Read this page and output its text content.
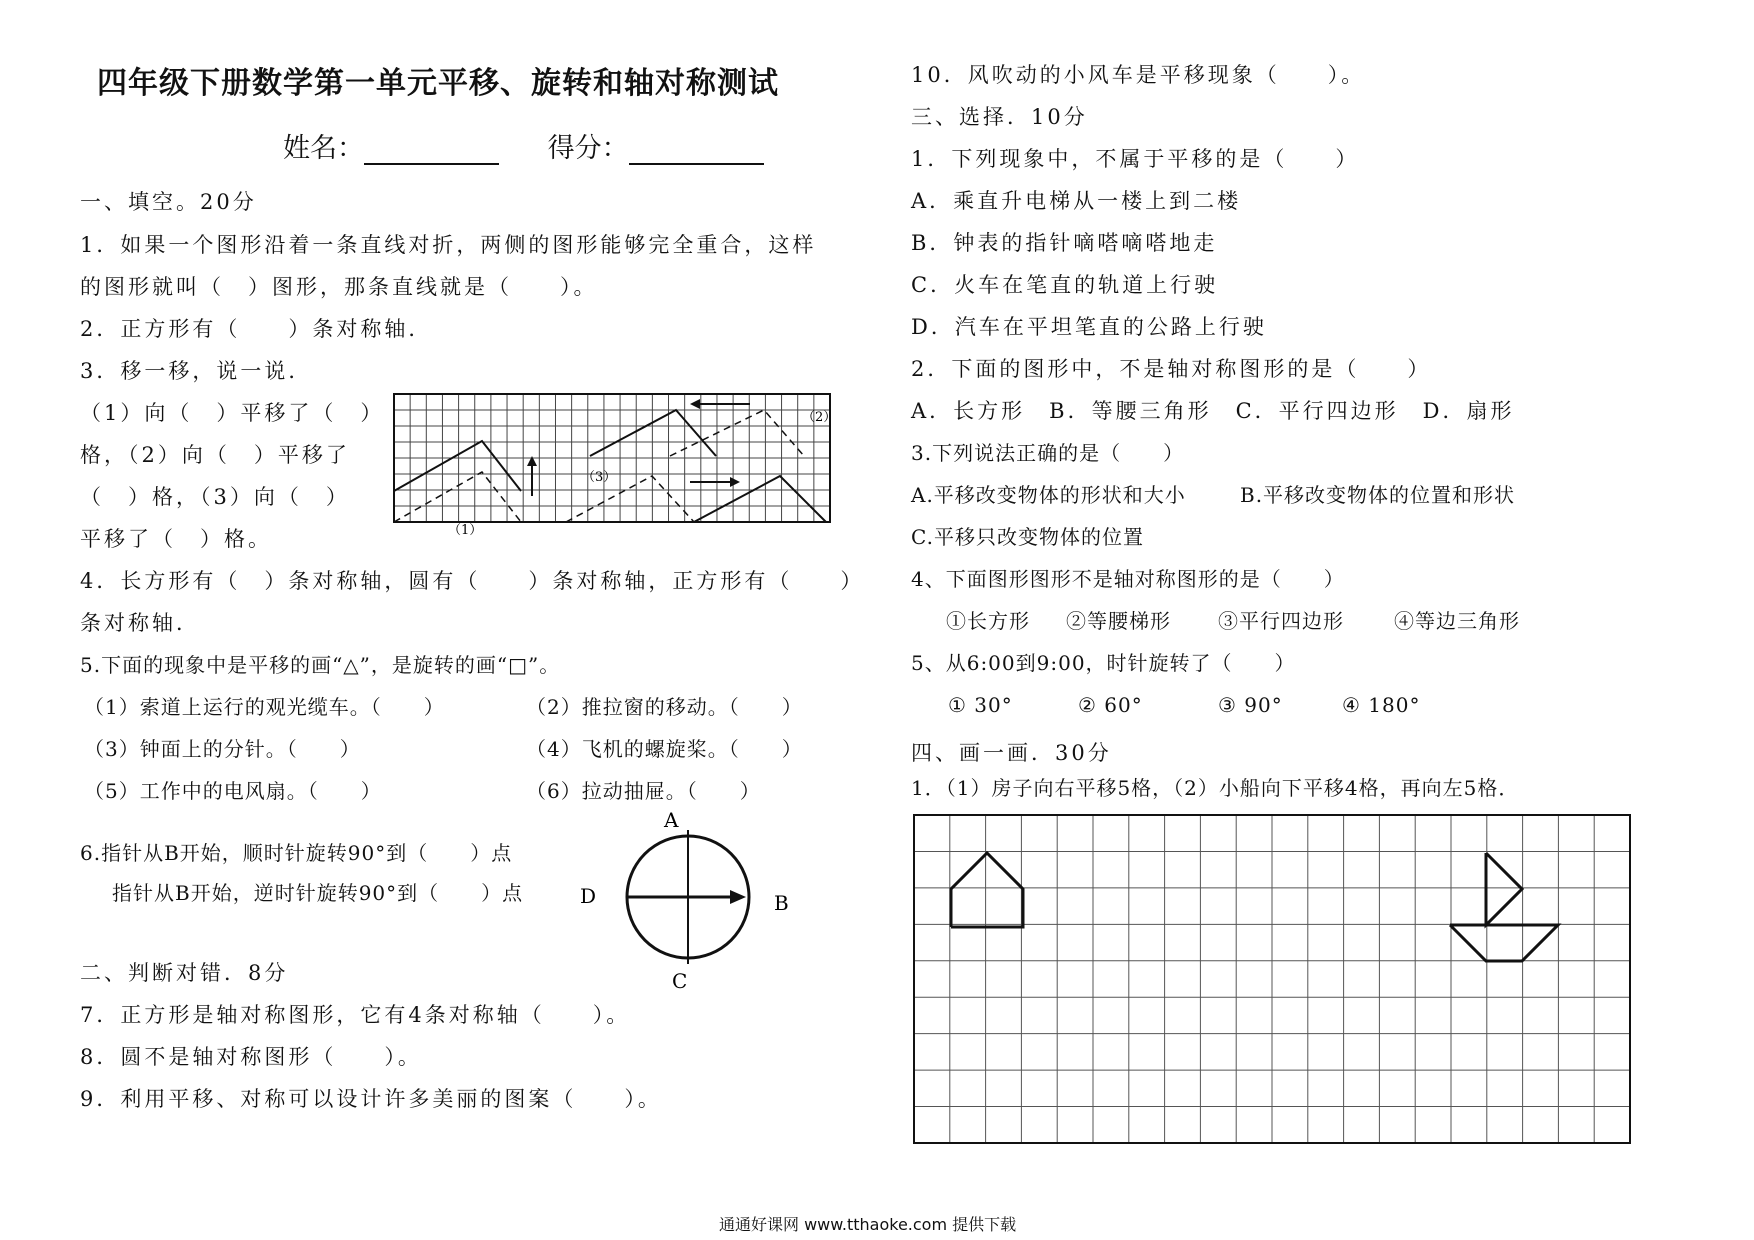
四年级下册数学第一单元平移、旋转和轴对称测试
姓名：	得分：
一、填空。20分
1．如果一个图形沿着一条直线对折，两侧的图形能够完全重合，这样
的图形就叫（　）图形，那条直线就是（　　）。
2．正方形有（　　）条对称轴．
3．移一移，说一说．
（1）向（　）平移了（　）
格，（2）向（　）平移了
（　）格，（3）向（　）
平移了（　）格。	（1）
（2）
（3）
4．长方形有（　）条对称轴，圆有（　　）条对称轴，正方形有（　　）
条对称轴．
5.下面的现象中是平移的画“△”，是旋转的画“□”。
（1）索道上运行的观光缆车。（　　）	（2）推拉窗的移动。（　　）
（3）钟面上的分针。（　　）	（4）飞机的螺旋桨。（　　）
（5）工作中的电风扇。（　　）	（6）拉动抽屉。（　　）
6.指针从B开始，顺时针旋转90°到（　　）点
指针从B开始，逆时针旋转90°到（　　）点
A
B
C
D
二、判断对错．8分
7．正方形是轴对称图形，它有4条对称轴（　　）。
8．圆不是轴对称图形（　　）。
9．利用平移、对称可以设计许多美丽的图案（　　）。
10．风吹动的小风车是平移现象（　　）。
三、选择．10分
1．下列现象中，不属于平移的是（　　）
A．乘直升电梯从一楼上到二楼
B．钟表的指针嘀嗒嘀嗒地走
C．火车在笔直的轨道上行驶
D．汽车在平坦笔直的公路上行驶
2．下面的图形中，不是轴对称图形的是（　　）
A．长方形　B．等腰三角形　C．平行四边形　D．扇形
3.下列说法正确的是（　　）
A.平移改变物体的形状和大小	B.平移改变物体的位置和形状
C.平移只改变物体的位置
4、下面图形图形不是轴对称图形的是（　　）
①长方形 ②等腰梯形 ③平行四边形	④等边三角形
5、从6:00到9:00，时针旋转了（　　）
① 30°	② 60°	③ 90°	④ 180°
四、画一画．30分
1．（1）房子向右平移5格，（2）小船向下平移4格，再向左5格．
通通好课网 www.tthaoke.com 提供下载
